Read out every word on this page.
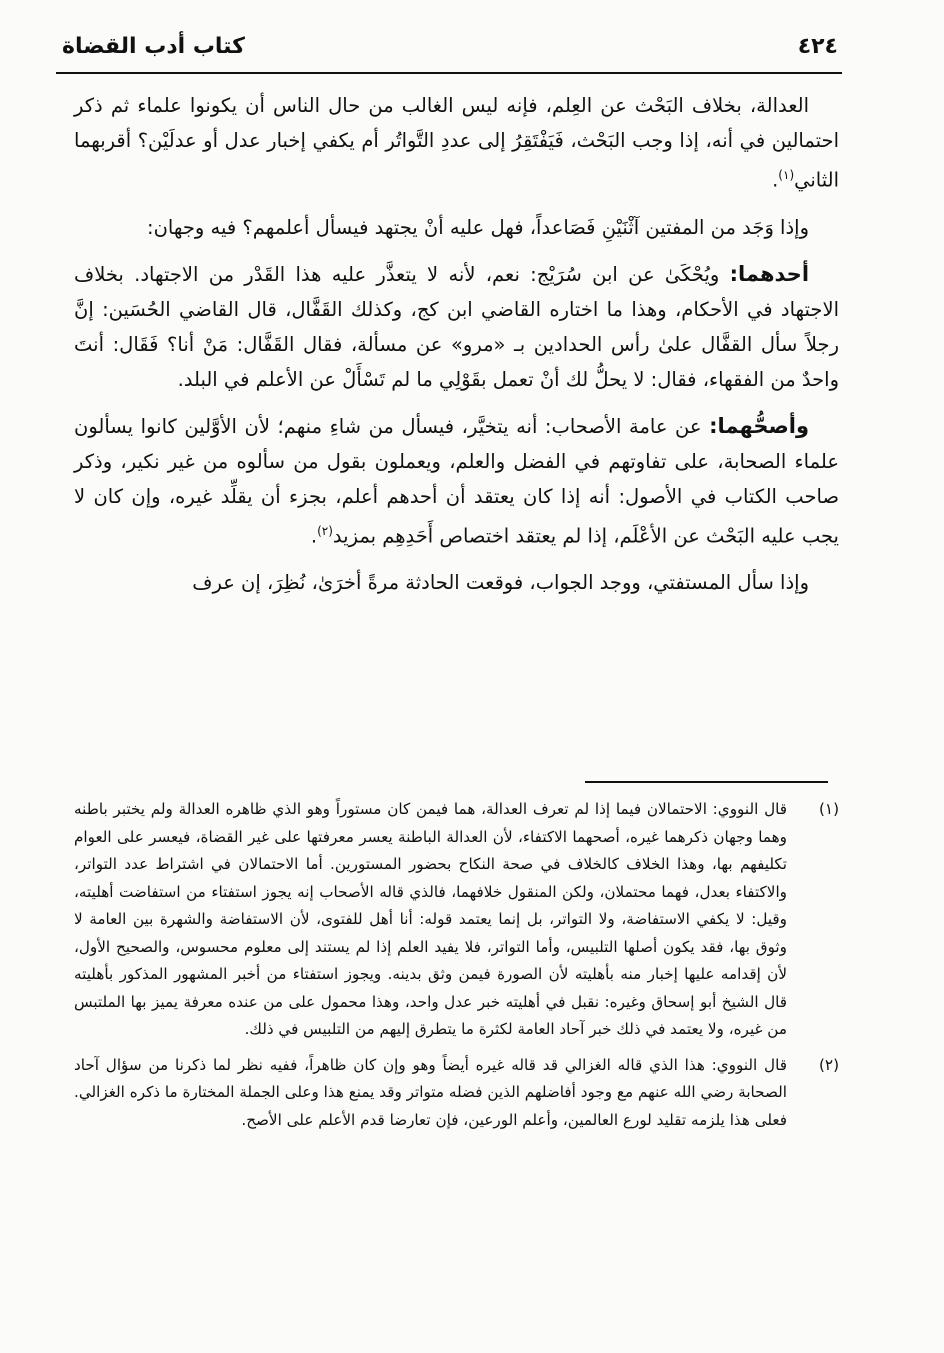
٤٢٤
كتاب أدب القضاة

العدالة، بخلاف البَحْث عن العِلم، فإنه ليس الغالب من حال الناس أن يكونوا علماء ثم ذكر احتمالين في أنه، إذا وجب البَحْث، فَيَفْتَقِرُ إلى عددِ التَّواتُر أم يكفي إخبار عدل أو عدلَيْن؟ أقربهما الثاني$^{(١)}$.

وإذا وَجَد من المفتين آثْنَيْنِ فَصَاعداً، فهل عليه أنْ يجتهد فيسأل أعلمهم؟ فيه وجهان:

أحدهما: ويُحْكَىٰ عن ابن سُرَيْج: نعم، لأنه لا يتعذَّر عليه هذا القَدْر من الاجتهاد. بخلاف الاجتهاد في الأحكام، وهذا ما اختاره القاضي ابن كج، وكذلك القَفَّال، قال القاضي الحُسَين: إنَّ رجلاً سأل القفَّال علىٰ رأس الحدادين بـ «مرو» عن مسألة، فقال القَفَّال: مَنْ أنا؟ فَقَال: أنتَ واحدٌ من الفقهاء، فقال: لا يحلُّ لك أنْ تعمل بقَوْلِي ما لم تَسْأَلْ عن الأعلم في البلد.

وأصحُّهما: عن عامة الأصحاب: أنه يتخيَّر، فيسأل من شاءِ منهم؛ لأن الأوَّلين كانوا يسألون علماء الصحابة، على تفاوتهم في الفضل والعلم، ويعملون بقول من سألوه من غير نكير، وذكر صاحب الكتاب في الأصول: أنه إذا كان يعتقد أن أحدهم أعلم، بجزء أن يقلِّد غيره، وإن كان لا يجب عليه البَحْث عن الأعْلَم، إذا لم يعتقد اختصاص أَحَدِهِم بمزيد$^{(٢)}$.

وإذا سأل المستفتي، ووجد الجواب، فوقعت الحادثة مرةً أخرَىٰ، نُظِرَ، إن عرف

(١)
قال النووي: الاحتمالان فيما إذا لم تعرف العدالة، هما فيمن كان مستوراً وهو الذي ظاهره العدالة ولم يختبر باطنه وهما وجهان ذكرهما غيره، أصحهما الاكتفاء، لأن العدالة الباطنة يعسر معرفتها على غير القضاة، فيعسر على العوام تكليفهم بها، وهذا الخلاف كالخلاف في صحة النكاح بحضور المستورين. أما الاحتمالان في اشتراط عدد التواتر، والاكتفاء بعدل، فهما محتملان، ولكن المنقول خلافهما، فالذي قاله الأصحاب إنه يجوز استفتاء من استفاضت أهليته، وقيل: لا يكفي الاستفاضة، ولا التواتر، بل إنما يعتمد قوله: أنا أهل للفتوى، لأن الاستفاضة والشهرة بين العامة لا وثوق بها، فقد يكون أصلها التلبيس، وأما التواتر، فلا يفيد العلم إذا لم يستند إلى معلوم محسوس، والصحيح الأول، لأن إقدامه عليها إخبار منه بأهليته لأن الصورة فيمن وثق بدينه. ويجوز استفتاء من أخبر المشهور المذكور بأهليته قال الشيخ أبو إسحاق وغيره: نقبل في أهليته خبر عدل واحد، وهذا محمول على من عنده معرفة يميز بها الملتبس من غيره، ولا يعتمد في ذلك خبر آحاد العامة لكثرة ما يتطرق إليهم من التلبيس في ذلك.
(٢)
قال النووي: هذا الذي قاله الغزالي قد قاله غيره أيضاً وهو وإن كان ظاهراً، ففيه نظر لما ذكرنا من سؤال آحاد الصحابة رضي الله عنهم مع وجود أفاضلهم الذين فضله متواتر وقد يمنع هذا وعلى الجملة المختارة ما ذكره الغزالي. فعلى هذا يلزمه تقليد لورع العالمين، وأعلم الورعين، فإن تعارضا قدم الأعلم على الأصح.
